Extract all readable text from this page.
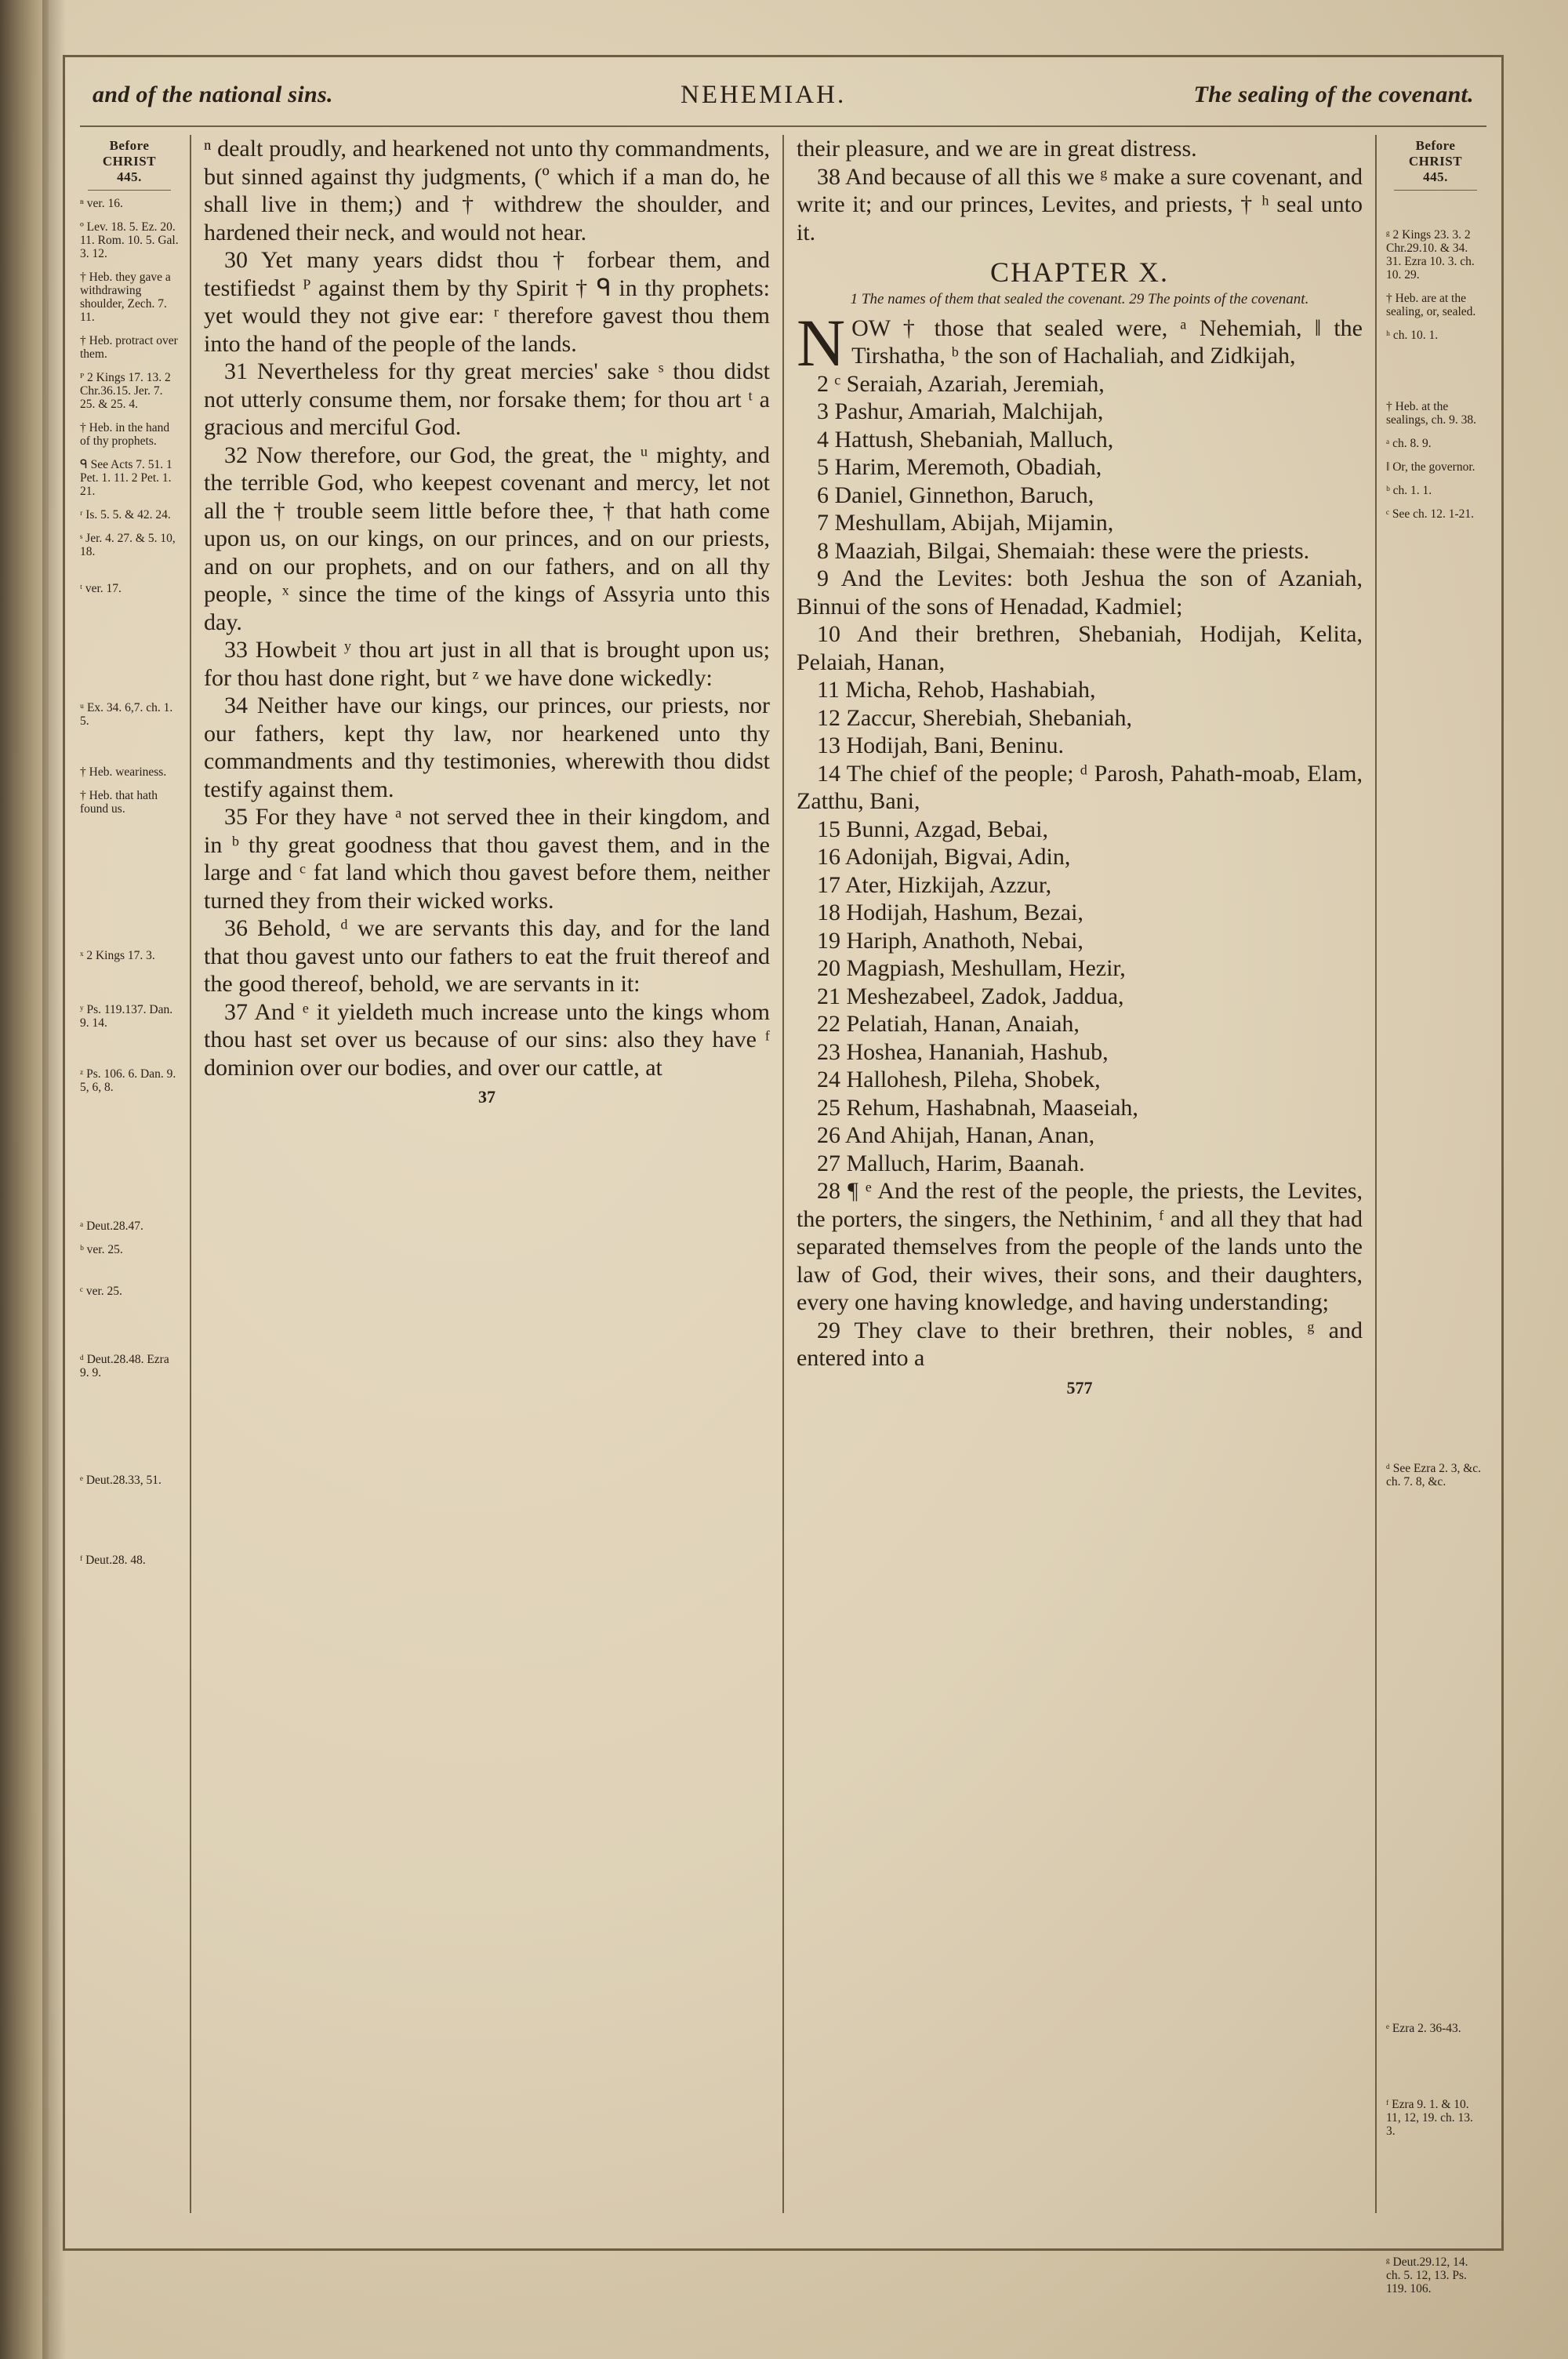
and of the national sins.	NEHEMIAH.	The sealing of the covenant.
Before
CHRIST
445.
ⁿ ver. 16.
º Lev. 18. 5. Ez. 20. 11. Rom. 10. 5. Gal. 3. 12.
† Heb. they gave a withdrawing shoulder, Zech. 7. 11.
† Heb. protract over them.
ᴾ 2 Kings 17. 13. 2 Chr.36.15. Jer. 7. 25. & 25. 4.
† Heb. in the hand of thy prophets.
ᑫ See Acts 7. 51. 1 Pet. 1. 11. 2 Pet. 1. 21.
ʳ Is. 5. 5. & 42. 24.
ˢ Jer. 4. 27. & 5. 10, 18.
ᵗ ver. 17.
ᵘ Ex. 34. 6,7. ch. 1. 5.
† Heb. weariness.
† Heb. that hath found us.
ˣ 2 Kings 17. 3.
ʸ Ps. 119.137. Dan. 9. 14.
ᶻ Ps. 106. 6. Dan. 9. 5, 6, 8.
ᵃ Deut.28.47.
ᵇ ver. 25.
ᶜ ver. 25.
ᵈ Deut.28.48. Ezra 9. 9.
ᵉ Deut.28.33, 51.
ᶠ Deut.28. 48.

ⁿ dealt proudly, and hearkened not unto thy commandments, but sinned against thy judgments, (º which if a man do, he shall live in them;) and † withdrew the shoulder, and hardened their neck, and would not hear.

30 Yet many years didst thou † forbear them, and testifiedst ᴾ against them by thy Spirit † ᑫ in thy prophets: yet would they not give ear: ʳ therefore gavest thou them into the hand of the people of the lands.

31 Nevertheless for thy great mercies' sake ˢ thou didst not utterly consume them, nor forsake them; for thou art ᵗ a gracious and merciful God.

32 Now therefore, our God, the great, the ᵘ mighty, and the terrible God, who keepest covenant and mercy, let not all the † trouble seem little before thee, † that hath come upon us, on our kings, on our princes, and on our priests, and on our prophets, and on our fathers, and on all thy people, ˣ since the time of the kings of Assyria unto this day.

33 Howbeit ʸ thou art just in all that is brought upon us; for thou hast done right, but ᶻ we have done wickedly:

34 Neither have our kings, our princes, our priests, nor our fathers, kept thy law, nor hearkened unto thy commandments and thy testimonies, wherewith thou didst testify against them.

35 For they have ᵃ not served thee in their kingdom, and in ᵇ thy great goodness that thou gavest them, and in the large and ᶜ fat land which thou gavest before them, neither turned they from their wicked works.

36 Behold, ᵈ we are servants this day, and for the land that thou gavest unto our fathers to eat the fruit thereof and the good thereof, behold, we are servants in it:

37 And ᵉ it yieldeth much increase unto the kings whom thou hast set over us because of our sins: also they have ᶠ dominion over our bodies, and over our cattle, at

37

their pleasure, and we are in great distress.

38 And because of all this we ᵍ make a sure covenant, and write it; and our princes, Levites, and priests, † ʰ seal unto it.

CHAPTER X.
1 The names of them that sealed the covenant. 29 The points of the covenant.
N OW † those that sealed were, ᵃ Nehemiah, ‖ the Tirshatha, ᵇ the son of Hachaliah, and Zidkijah,

2 ᶜ Seraiah, Azariah, Jeremiah,

3 Pashur, Amariah, Malchijah,

4 Hattush, Shebaniah, Malluch,

5 Harim, Meremoth, Obadiah,

6 Daniel, Ginnethon, Baruch,

7 Meshullam, Abijah, Mijamin,

8 Maaziah, Bilgai, Shemaiah: these were the priests.

9 And the Levites: both Jeshua the son of Azaniah, Binnui of the sons of Henadad, Kadmiel;

10 And their brethren, Shebaniah, Hodijah, Kelita, Pelaiah, Hanan,

11 Micha, Rehob, Hashabiah,

12 Zaccur, Sherebiah, Shebaniah,

13 Hodijah, Bani, Beninu.

14 The chief of the people; ᵈ Parosh, Pahath-moab, Elam, Zatthu, Bani,

15 Bunni, Azgad, Bebai,

16 Adonijah, Bigvai, Adin,

17 Ater, Hizkijah, Azzur,

18 Hodijah, Hashum, Bezai,

19 Hariph, Anathoth, Nebai,

20 Magpiash, Meshullam, Hezir,

21 Meshezabeel, Zadok, Jaddua,

22 Pelatiah, Hanan, Anaiah,

23 Hoshea, Hananiah, Hashub,

24 Hallohesh, Pileha, Shobek,

25 Rehum, Hashabnah, Maaseiah,

26 And Ahijah, Hanan, Anan,

27 Malluch, Harim, Baanah.

28 ¶ ᵉ And the rest of the people, the priests, the Levites, the porters, the singers, the Nethinim, ᶠ and all they that had separated themselves from the people of the lands unto the law of God, their wives, their sons, and their daughters, every one having knowledge, and having understanding;

29 They clave to their brethren, their nobles, ᵍ and entered into a

577
Before
CHRIST
445.
ᵍ 2 Kings 23. 3. 2 Chr.29.10. & 34. 31. Ezra 10. 3. ch. 10. 29.
† Heb. are at the sealing, or, sealed.
ʰ ch. 10. 1.
† Heb. at the sealings, ch. 9. 38.
ᵃ ch. 8. 9.
‖ Or, the governor.
ᵇ ch. 1. 1.
ᶜ See ch. 12. 1-21.
ᵈ See Ezra 2. 3, &c. ch. 7. 8, &c.
ᵉ Ezra 2. 36-43.
ᶠ Ezra 9. 1. & 10. 11, 12, 19. ch. 13. 3.
ᵍ Deut.29.12, 14. ch. 5. 12, 13. Ps. 119. 106.
